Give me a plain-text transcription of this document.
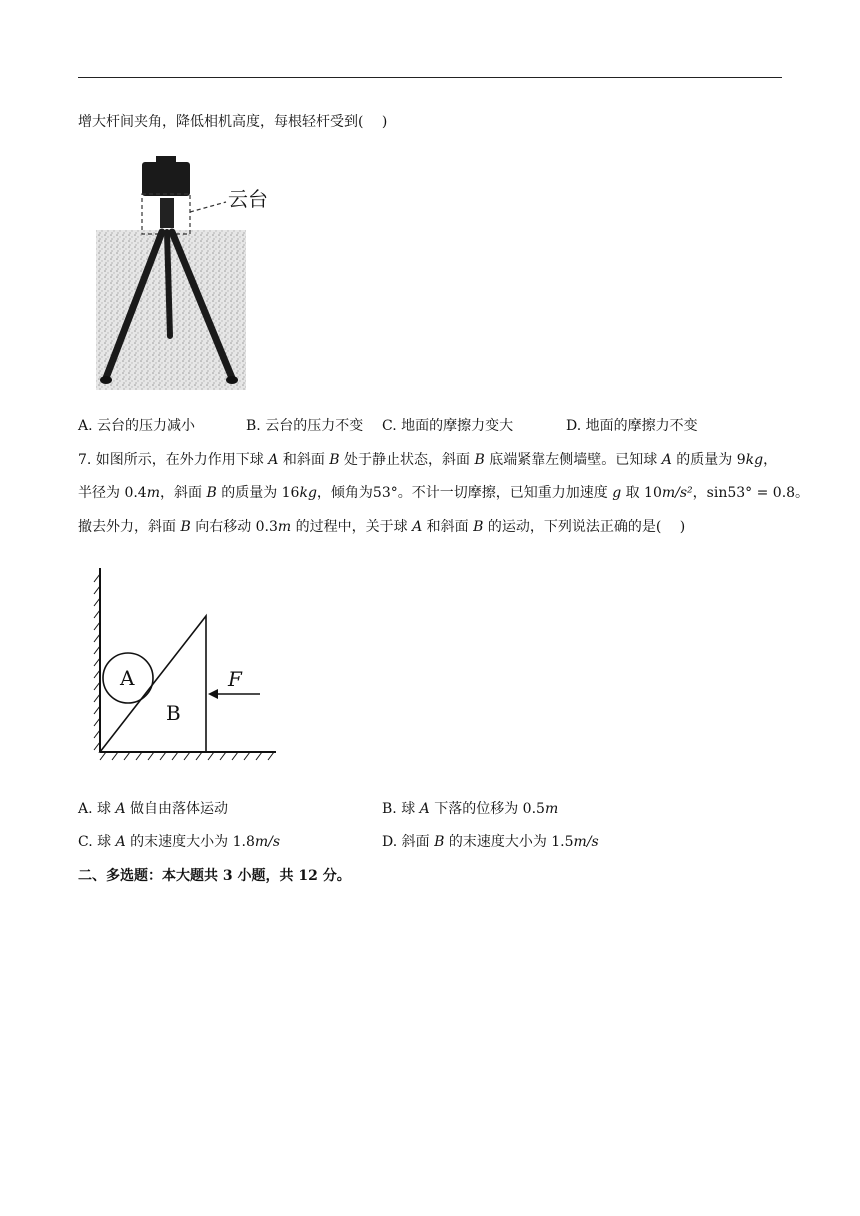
增大杆间夹角，降低相机高度，每根轻杆受到(　 )
云台
A. 云台的压力减小	B. 云台的压力不变 C. 地面的摩擦力变大	D. 地面的摩擦力不变
7. 如图所示，在外力作用下球 A 和斜面 B 处于静止状态，斜面 B 底端紧靠左侧墙壁。已知球 A 的质量为 9kg，
半径为 0.4m，斜面 B 的质量为 16kg，倾角为53°。不计一切摩擦，已知重力加速度 g 取 10m/s²，sin53° = 0.8。
撤去外力，斜面 B 向右移动 0.3m 的过程中，关于球 A 和斜面 B 的运动，下列说法正确的是(　 )
A
B
F
A. 球 A 做自由落体运动	B. 球 A 下落的位移为 0.5m
C. 球 A 的末速度大小为 1.8m/s	D. 斜面 B 的末速度大小为 1.5m/s
二、多选题：本大题共 3 小题，共 12 分。
